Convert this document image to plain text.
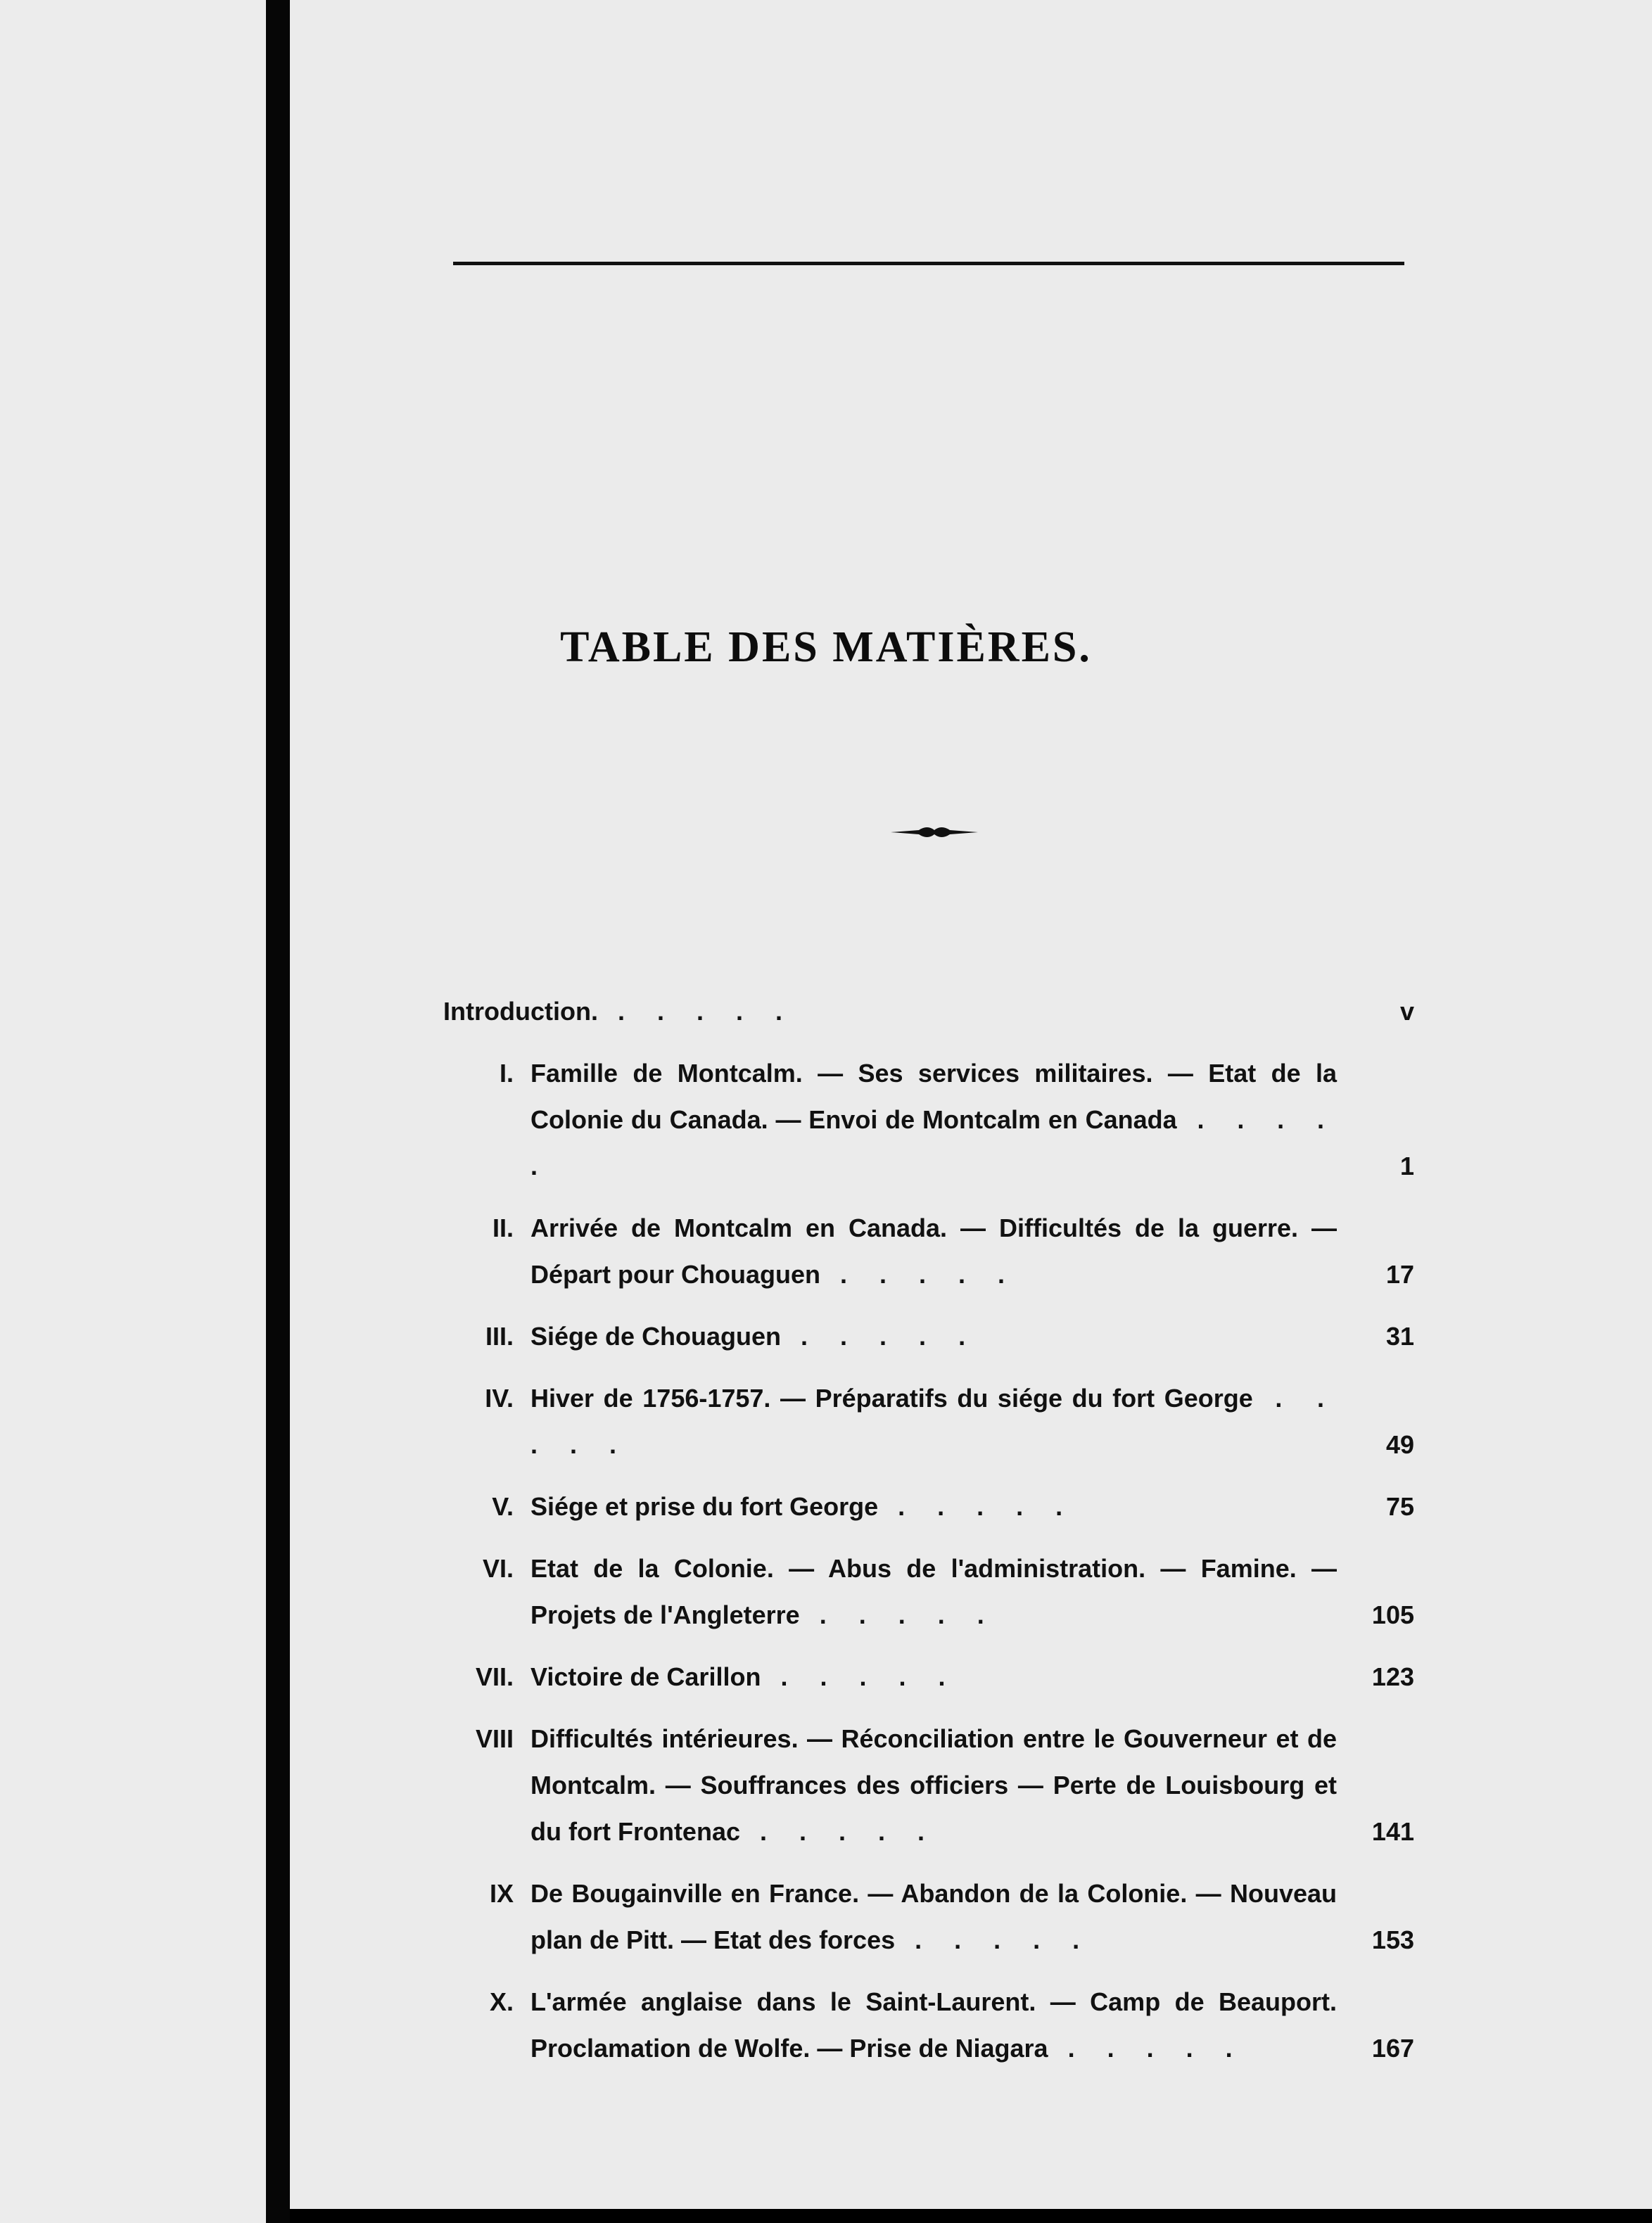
TABLE DES MATIÈRES.
Introduction. . . . . .	v
I. Famille de Montcalm. — Ses services militaires. — Etat de la Colonie du Canada. — Envoi de Montcalm en Canada . . . . .	1
II. Arrivée de Montcalm en Canada. — Difficultés de la guerre. — Départ pour Chouaguen . . . . .	17
III. Siége de Chouaguen . . . . .	31
IV. Hiver de 1756-1757. — Préparatifs du siége du fort George . . . . .	49
V. Siége et prise du fort George . . . . .	75
VI. Etat de la Colonie. — Abus de l'administration. — Famine. — Projets de l'Angleterre . . . . .	105
VII. Victoire de Carillon . . . . .	123
VIII Difficultés intérieures. — Réconciliation entre le Gouverneur et de Montcalm. — Souffrances des officiers — Perte de Louisbourg et du fort Frontenac . . . . .	141
IX De Bougainville en France. — Abandon de la Colonie. — Nouveau plan de Pitt. — Etat des forces . . . . .	153
X. L'armée anglaise dans le Saint-Laurent. — Camp de Beauport. Proclamation de Wolfe. — Prise de Niagara . . . . .	167
